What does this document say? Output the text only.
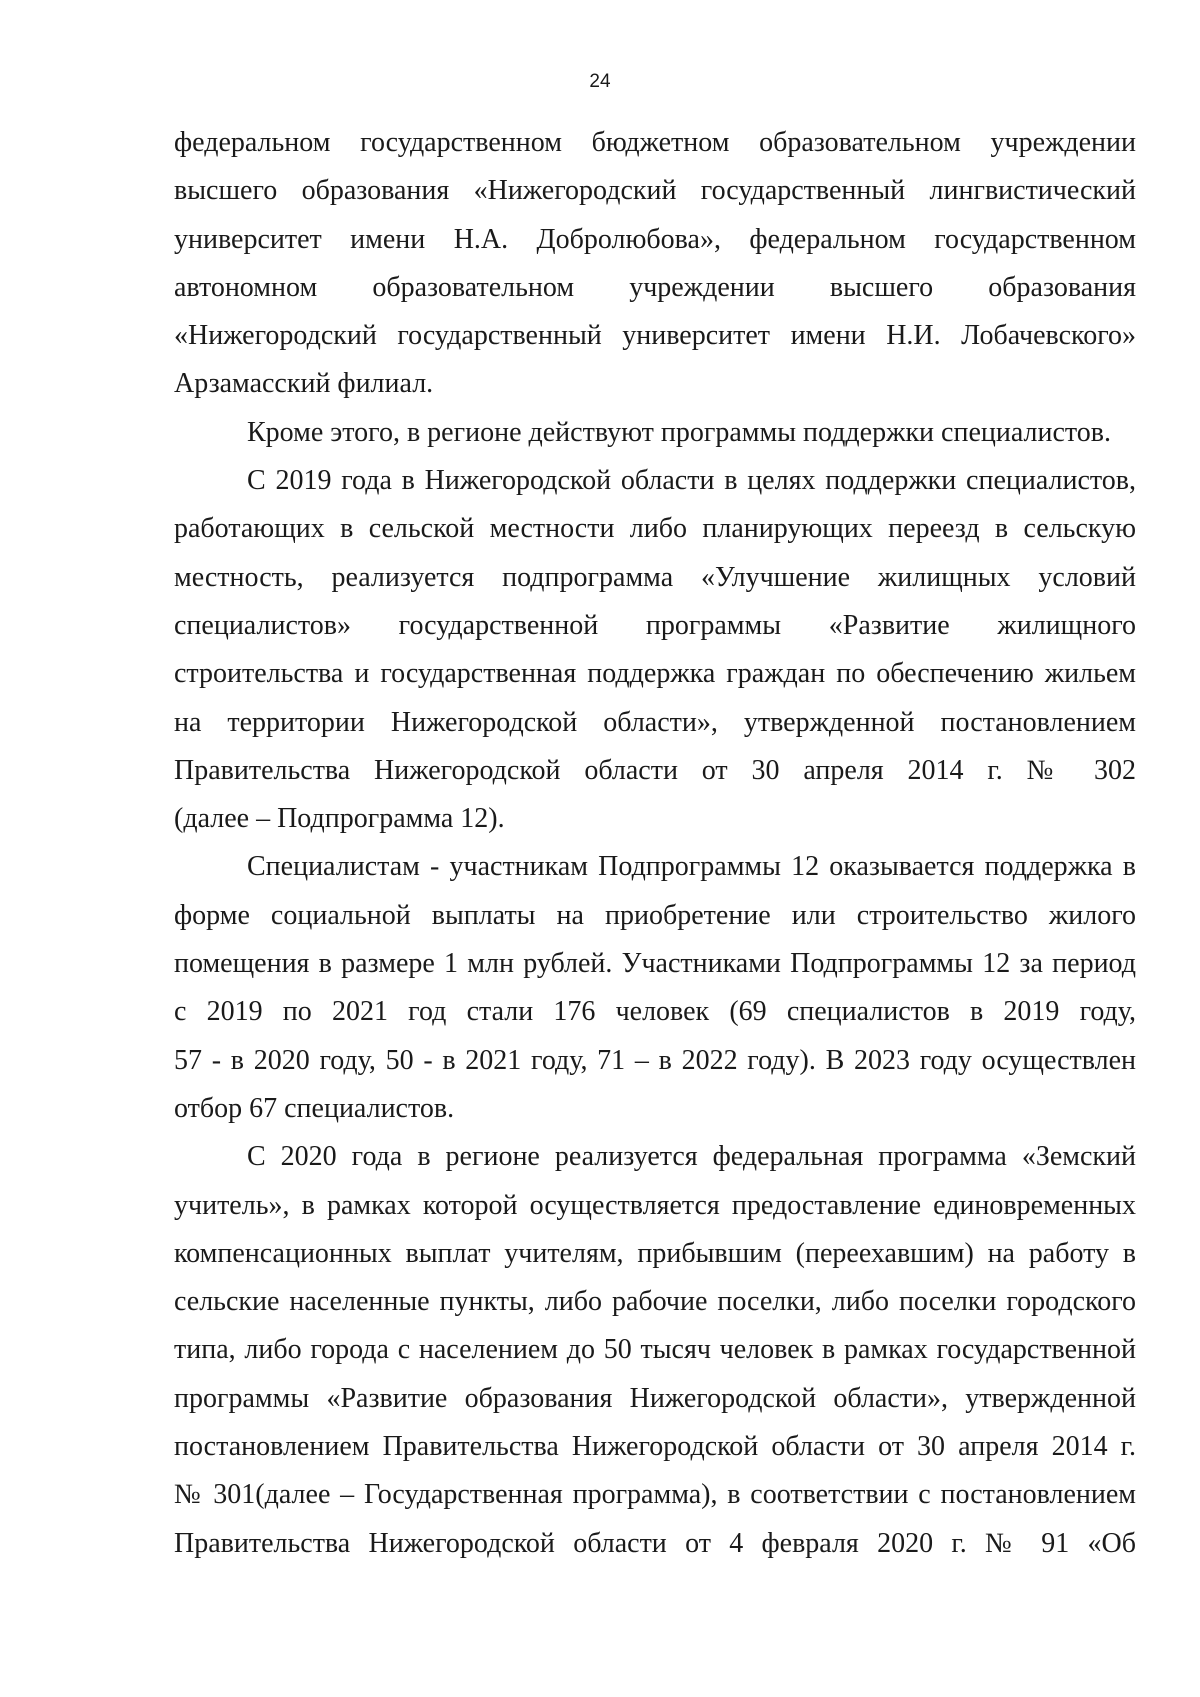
24
федеральном государственном бюджетном образовательном учреждении
высшего образования «Нижегородский государственный лингвистический
университет имени Н.А. Добролюбова», федеральном государственном
автономном образовательном учреждении высшего образования
«Нижегородский государственный университет имени Н.И. Лобачевского»
Арзамасский филиал.
Кроме этого, в регионе действуют программы поддержки специалистов.
С 2019 года в Нижегородской области в целях поддержки специалистов,
работающих в сельской местности либо планирующих переезд в сельскую
местность, реализуется подпрограмма «Улучшение жилищных условий
специалистов» государственной программы «Развитие жилищного
строительства и государственная поддержка граждан по обеспечению жильем
на территории Нижегородской области», утвержденной постановлением
Правительства Нижегородской области от 30 апреля 2014 г. № 302
(далее – Подпрограмма 12).
Специалистам - участникам Подпрограммы 12 оказывается поддержка в
форме социальной выплаты на приобретение или строительство жилого
помещения в размере 1 млн рублей. Участниками Подпрограммы 12 за период
с 2019 по 2021 год стали 176 человек (69 специалистов в 2019 году,
57 - в 2020 году, 50 - в 2021 году, 71 – в 2022 году). В 2023 году осуществлен
отбор 67 специалистов.
С 2020 года в регионе реализуется федеральная программа «Земский
учитель», в рамках которой осуществляется предоставление единовременных
компенсационных выплат учителям, прибывшим (переехавшим) на работу в
сельские населенные пункты, либо рабочие поселки, либо поселки городского
типа, либо города с населением до 50 тысяч человек в рамках государственной
программы «Развитие образования Нижегородской области», утвержденной
постановлением Правительства Нижегородской области от 30 апреля 2014 г.
№ 301(далее – Государственная программа), в соответствии с постановлением
Правительства Нижегородской области от 4 февраля 2020 г. № 91 «Об
